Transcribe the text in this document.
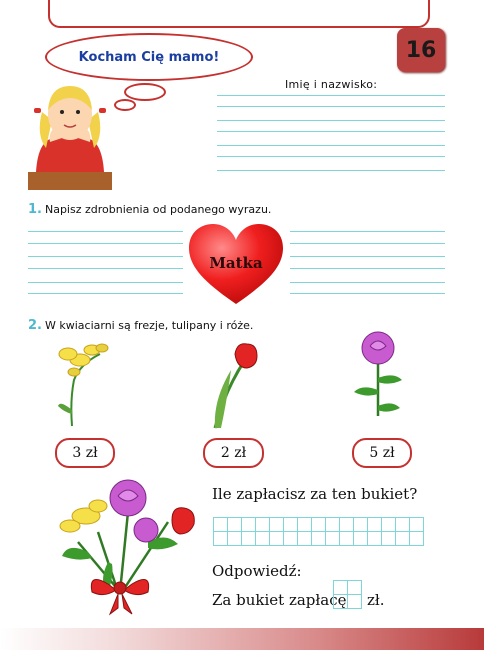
16
Kocham Cię mamo!
Imię i nazwisko:
1. Napisz zdrobnienia od podanego wyrazu.
Matka
2. W kwiaciarni są frezje, tulipany i róże.
3 zł	2 zł	5 zł
Ile zapłacisz za ten bukiet?

Odpowiedź:
Za bukiet zapłacę

	zł.
